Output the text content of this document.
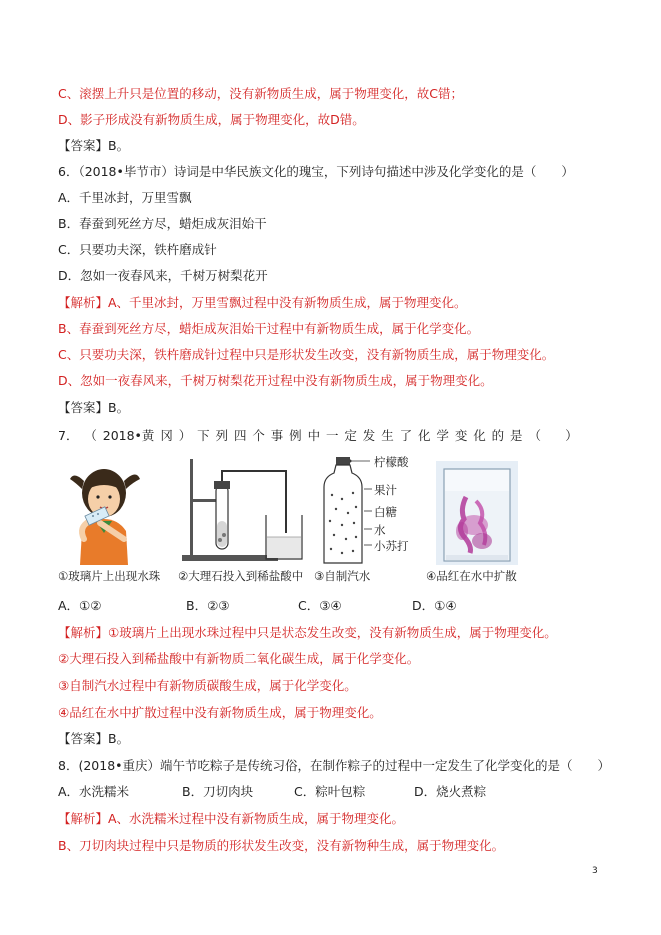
C、滚摆上升只是位置的移动，没有新物质生成，属于物理变化，故C错；
D、影子形成没有新物质生成，属于物理变化，故D错。
【答案】B。
6．（2018•毕节市）诗词是中华民族文化的瑰宝，下列诗句描述中涉及化学变化的是（　　）
A．千里冰封，万里雪飘
B．春蚕到死丝方尽，蜡炬成灰泪始干
C．只要功夫深，铁杵磨成针
D．忽如一夜春风来，千树万树梨花开
【解析】A、千里冰封，万里雪飘过程中没有新物质生成，属于物理变化。
B、春蚕到死丝方尽，蜡炬成灰泪始干过程中有新物质生成，属于化学变化。
C、只要功夫深，铁杵磨成针过程中只是形状发生改变，没有新物质生成，属于物理变化。
D、忽如一夜春风来，千树万树梨花开过程中没有新物质生成，属于物理变化。
【答案】B。
7． （ 2018•黄 冈 ） 下 列 四 个 事 例 中 一 定 发 生 了 化 学 变 化 的 是 （
　 ）
①玻璃片上出现水珠 ②大理石投入到稀盐酸中
柠檬酸
果汁
白糖
水
小苏打
③自制汽水	④品红在水中扩散
A．①②	B．②③	C．③④	D．①④
【解析】①玻璃片上出现水珠过程中只是状态发生改变，没有新物质生成，属于物理变化。
②大理石投入到稀盐酸中有新物质二氧化碳生成，属于化学变化。
③自制汽水过程中有新物质碳酸生成，属于化学变化。
④品红在水中扩散过程中没有新物质生成，属于物理变化。
【答案】B。
8．(2018•重庆）端午节吃粽子是传统习俗，在制作粽子的过程中一定发生了化学变化的是（　　）
A．水洗糯米	B．刀切肉块	C．粽叶包粽	D．烧火煮粽
【解析】A、水洗糯米过程中没有新物质生成，属于物理变化。
B、刀切肉块过程中只是物质的形状发生改变，没有新物种生成，属于物理变化。
3
